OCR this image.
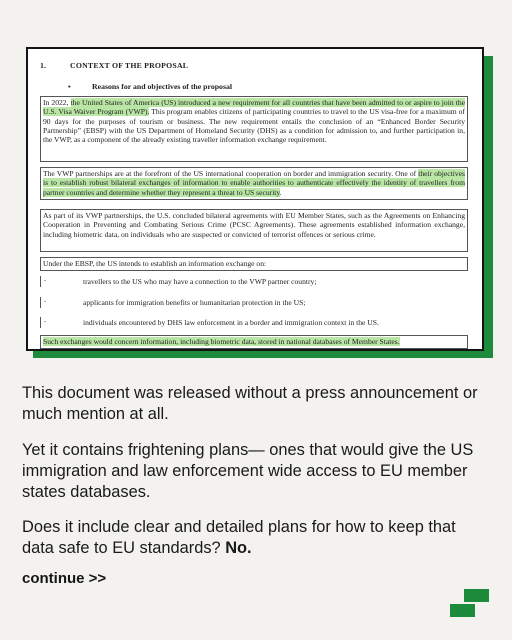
1.	CONTEXT OF THE PROPOSAL
•	Reasons for and objectives of the proposal
In 2022, the United States of America (US) introduced a new requirement for all countries that have been admitted to or aspire to join the U.S. Visa Waiver Program (VWP). This program enables citizens of participating countries to travel to the US visa-free for a maximum of 90 days for the purposes of tourism or business. The new requirement entails the conclusion of an “Enhanced Border Security Partnership” (EBSP) with the US Department of Homeland Security (DHS) as a condition for admission to, and further participation in, the VWP, as a component of the already existing traveller information exchange requirement.
The VWP partnerships are at the forefront of the US international cooperation on border and immigration security. One of their objectives is to establish robust bilateral exchanges of information to enable authorities to authenticate effectively the identity of travellers from partner countries and determine whether they represent a threat to US security.
As part of its VWP partnerships, the U.S. concluded bilateral agreements with EU Member States, such as the Agreements on Enhancing Cooperation in Preventing and Combating Serious Crime (PCSC Agreements). These agreements established information exchange, including biometric data, on individuals who are suspected or convicted of terrorist offences or serious crime.
Under the EBSP, the US intends to establish an information exchange on:
-	travellers to the US who may have a connection to the VWP partner country;
-	applicants for immigration benefits or humanitarian protection in the US;
-	individuals encountered by DHS law enforcement in a border and immigration context in the US.
Such exchanges would concern information, including biometric data, stored in national databases of Member States.
This document was released without a press announcement or much mention at all.
Yet it contains frightening plans— ones that would give the US immigration and law enforcement wide access to EU member states databases.
Does it include clear and detailed plans for how to keep that data safe to EU standards? No.
continue >>
